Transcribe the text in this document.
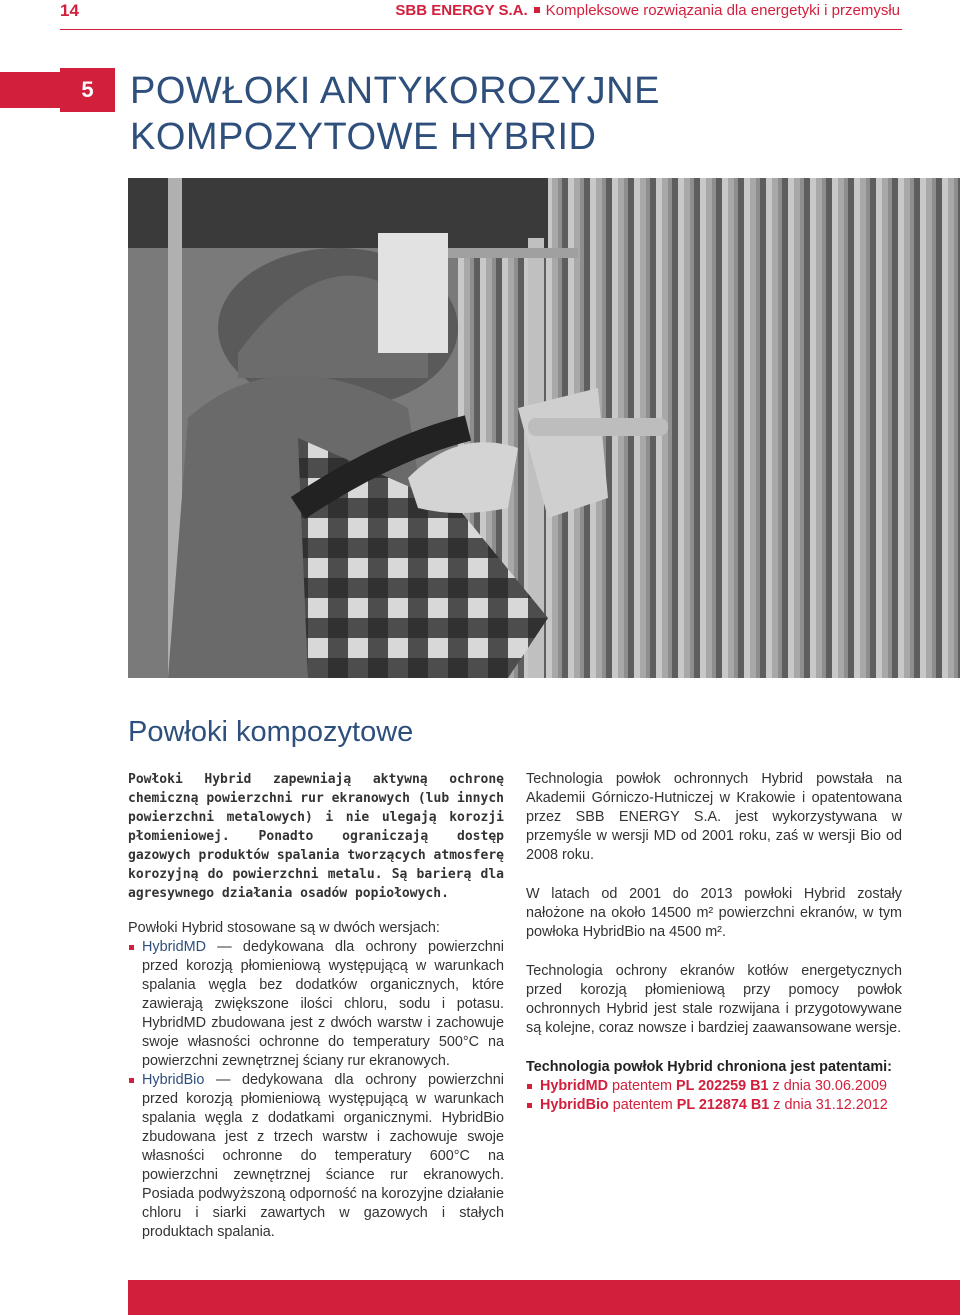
14	SBB ENERGY S.A. Kompleksowe rozwiązania dla energetyki i przemysłu
5 POWŁOKI ANTYKOROZYJNE
KOMPOZYTOWE HYBRID
Powłoki kompozytowe

Powłoki Hybrid zapewniają aktywną ochronę chemiczną powierzchni rur ekranowych (lub innych powierzchni metalowych) i nie ulegają korozji płomieniowej. Ponadto ograniczają dostęp gazowych produktów spalania tworzących atmosferę korozyjną do powierzchni metalu. Są barierą dla agresywnego działania osadów popiołowych.

Powłoki Hybrid stosowane są w dwóch wersjach:

HybridMD — dedykowana dla ochrony powierzchni przed korozją płomieniową występującą w warunkach spalania węgla bez dodatków organicznych, które zawierają zwiększone ilości chloru, sodu i potasu. HybridMD zbudowana jest z dwóch warstw i zachowuje swoje własności ochronne do temperatury 500°C na powierzchni zewnętrznej ściany rur ekranowych.
HybridBio — dedykowana dla ochrony powierzchni przed korozją płomieniową występującą w warunkach spalania węgla z dodatkami organicznymi. HybridBio zbudowana jest z trzech warstw i zachowuje swoje własności ochronne do temperatury 600°C na powierzchni zewnętrznej ściance rur ekranowych. Posiada podwyższoną odporność na korozyjne działanie chloru i siarki zawartych w gazowych i stałych produktach spalania.

Technologia powłok ochronnych Hybrid powstała na Akademii Górniczo-Hutniczej w Krakowie i opatentowana przez SBB ENERGY S.A. jest wykorzystywana w przemyśle w wersji MD od 2001 roku, zaś w wersji Bio od 2008 roku.

W latach od 2001 do 2013 powłoki Hybrid zostały nałożone na około 14500 m² powierzchni ekranów, w tym powłoka HybridBio na 4500 m².

Technologia ochrony ekranów kotłów energetycznych przed korozją płomieniową przy pomocy powłok ochronnych Hybrid jest stale rozwijana i przygotowywane są kolejne, coraz nowsze i bardziej zaawansowane wersje.

Technologia powłok Hybrid chroniona jest patentami:

HybridMD patentem PL 202259 B1 z dnia 30.06.2009
HybridBio patentem PL 212874 B1 z dnia 31.12.2012
